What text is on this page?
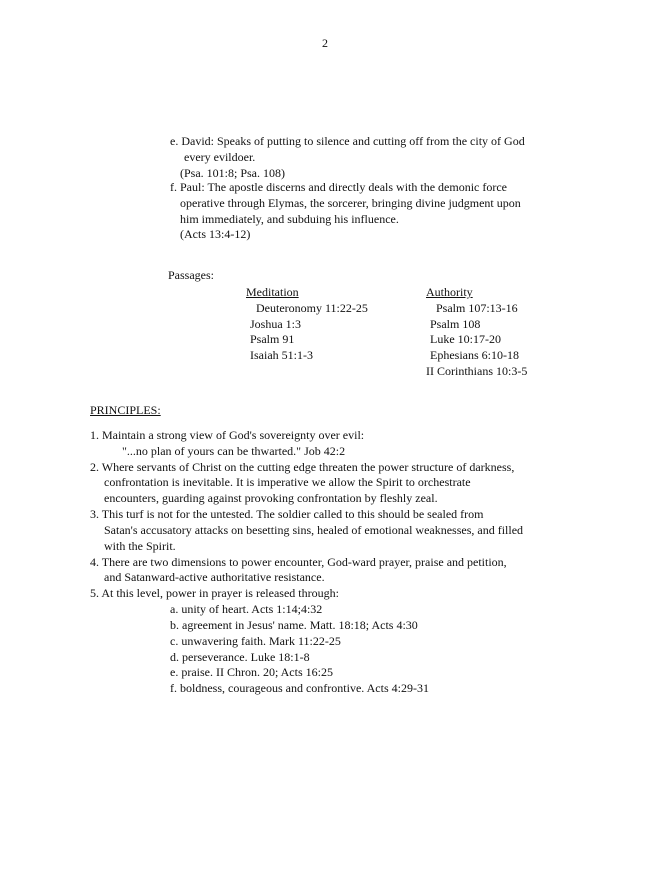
2
e. David: Speaks of putting to silence and cutting off from the city of God
every evildoer.
(Psa. 101:8; Psa. 108)
f. Paul: The apostle discerns and directly deals with the demonic force
operative through Elymas, the sorcerer, bringing divine judgment upon
him immediately, and subduing his influence.
(Acts 13:4-12)
Passages:
Meditation
Deuteronomy 11:22-25
Joshua 1:3
Psalm 91
Isaiah 51:1-3
Authority
Psalm 107:13-16
Psalm 108
Luke 10:17-20
Ephesians 6:10-18
II Corinthians 10:3-5
PRINCIPLES:
1. Maintain a strong view of God's sovereignty over evil:
"...no plan of yours can be thwarted." Job 42:2
2. Where servants of Christ on the cutting edge threaten the power structure of darkness,
confrontation is inevitable. It is imperative we allow the Spirit to orchestrate
encounters, guarding against provoking confrontation by fleshly zeal.
3. This turf is not for the untested. The soldier called to this should be sealed from
Satan's accusatory attacks on besetting sins, healed of emotional weaknesses, and filled
with the Spirit.
4. There are two dimensions to power encounter, God-ward prayer, praise and petition,
and Satanward-active authoritative resistance.
5. At this level, power in prayer is released through:
a. unity of heart. Acts 1:14;4:32
b. agreement in Jesus' name. Matt. 18:18; Acts 4:30
c. unwavering faith. Mark 11:22-25
d. perseverance. Luke 18:1-8
e. praise. II Chron. 20; Acts 16:25
f. boldness, courageous and confrontive. Acts 4:29-31
